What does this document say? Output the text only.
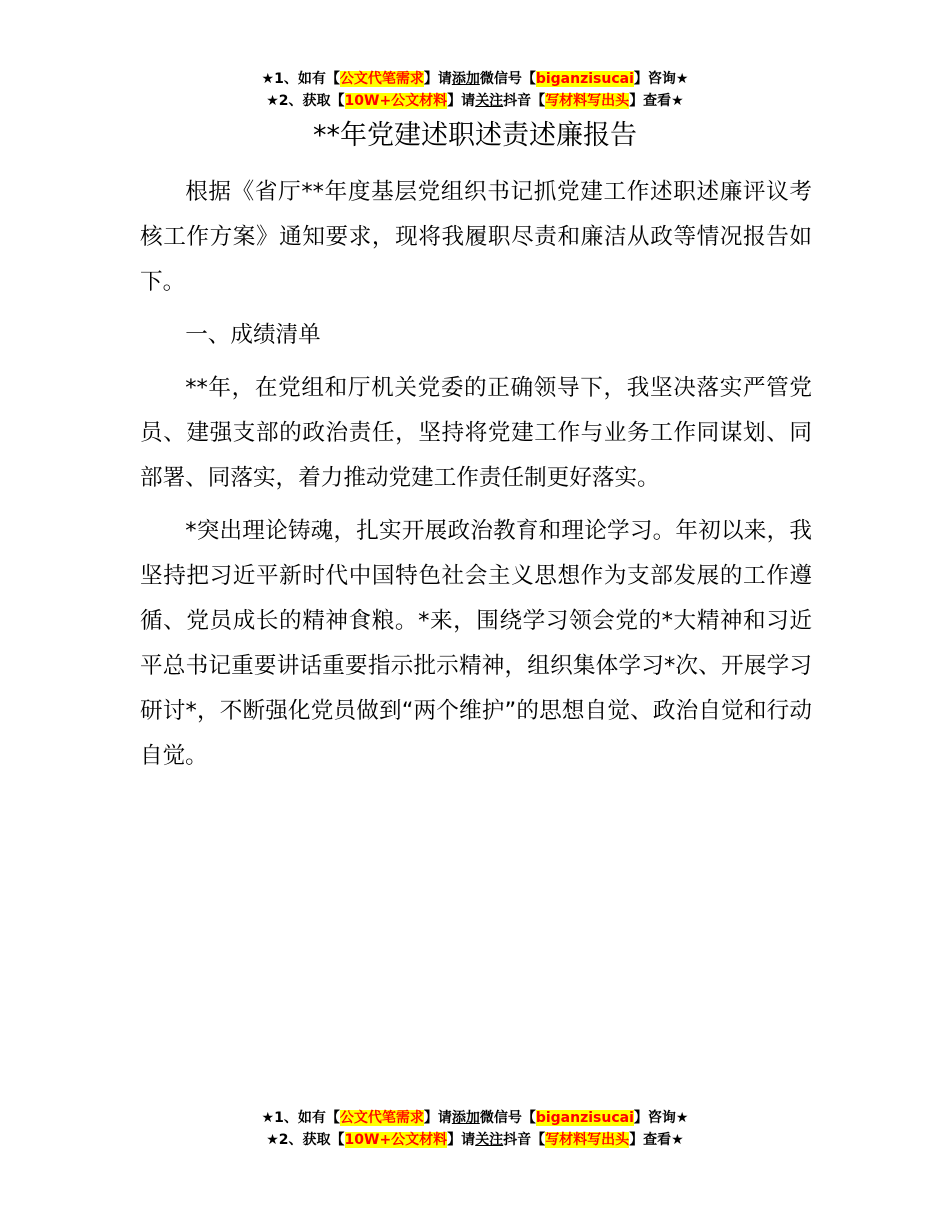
★1、如有【公文代笔需求】请添加微信号【biganzisucai】咨询★
★2、获取【10W+公文材料】请关注抖音【写材料写出头】查看★
**年党建述职述责述廉报告

根据《省厅**年度基层党组织书记抓党建工作述职述廉评议考核工作方案》通知要求，现将我履职尽责和廉洁从政等情况报告如下。

一、成绩清单

**年，在党组和厅机关党委的正确领导下，我坚决落实严管党员、建强支部的政治责任，坚持将党建工作与业务工作同谋划、同部署、同落实，着力推动党建工作责任制更好落实。

*突出理论铸魂，扎实开展政治教育和理论学习。年初以来，我坚持把习近平新时代中国特色社会主义思想作为支部发展的工作遵循、党员成长的精神食粮。*来，围绕学习领会党的*大精神和习近平总书记重要讲话重要指示批示精神，组织集体学习*次、开展学习研讨*，不断强化党员做到“两个维护”的思想自觉、政治自觉和行动自觉。

★1、如有【公文代笔需求】请添加微信号【biganzisucai】咨询★
★2、获取【10W+公文材料】请关注抖音【写材料写出头】查看★
